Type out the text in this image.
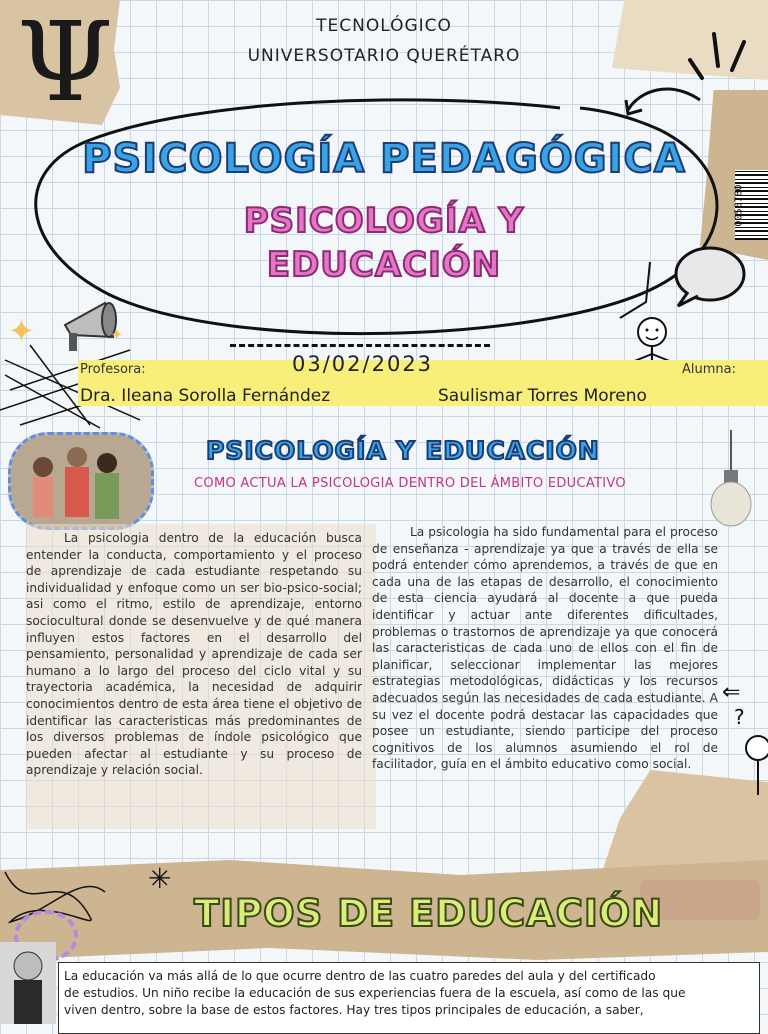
Ψ	TECNOLÓGICO
UNIVERSOTARIO QUERÉTARO
0056780
PSICOLOGÍA PEDAGÓGICA
PSICOLOGÍA Y
EDUCACIÓN
✦	✦
Profesora:	03/02/2023	Alumna:
Dra. Ileana Sorolla Fernández	Saulismar Torres Moreno
PSICOLOGÍA Y EDUCACIÓN
COMO ACTUA LA PSICOLOGIA DENTRO DEL ÁMBITO EDUCATIVO
La psicologia dentro de la educación busca entender la conducta, comportamiento y el proceso de aprendizaje de cada estudiante respetando su individualidad y enfoque como un ser bio-psico-social; asi como el ritmo, estilo de aprendizaje, entorno sociocultural donde se desenvuelve y de qué manera influyen estos factores en el desarrollo del pensamiento, personalidad y aprendizaje de cada ser humano a lo largo del proceso del ciclo vital y su trayectoria académica, la necesidad de adquirir conocimientos dentro de esta área tiene el objetivo de identificar las caracteristicas más predominantes de los diversos problemas de índole psicológico que pueden afectar al estudiante y su proceso de aprendizaje y relación social.
La psicologia ha sido fundamental para el proceso de enseñanza - aprendizaje ya que a través de ella se podrá entender cómo aprendemos, a través de que en cada una de las etapas de desarrollo, el conocimiento de esta ciencia ayudará al docente a que pueda identificar y actuar ante diferentes dificultades, problemas o trastornos de aprendizaje ya que conocerá las caracteristicas de cada uno de ellos con el fin de planificar, seleccionar implementar las mejores estrategias metodológicas, didácticas y los recursos adecuados según las necesidades de cada estudiante. A su vez el docente podrá destacar las capacidades que posee un estudiante, siendo participe del proceso cognitivos de los alumnos asumiendo el rol de facilitador, guía en el ámbito educativo como social.
?
⇐
✳
TIPOS DE EDUCACIÓN
La educación va más allá de lo que ocurre dentro de las cuatro paredes del aula y del certificado
de estudios. Un niño recibe la educación de sus experiencias fuera de la escuela, así como de las que
viven dentro, sobre la base de estos factores. Hay tres tipos principales de educación, a saber,
